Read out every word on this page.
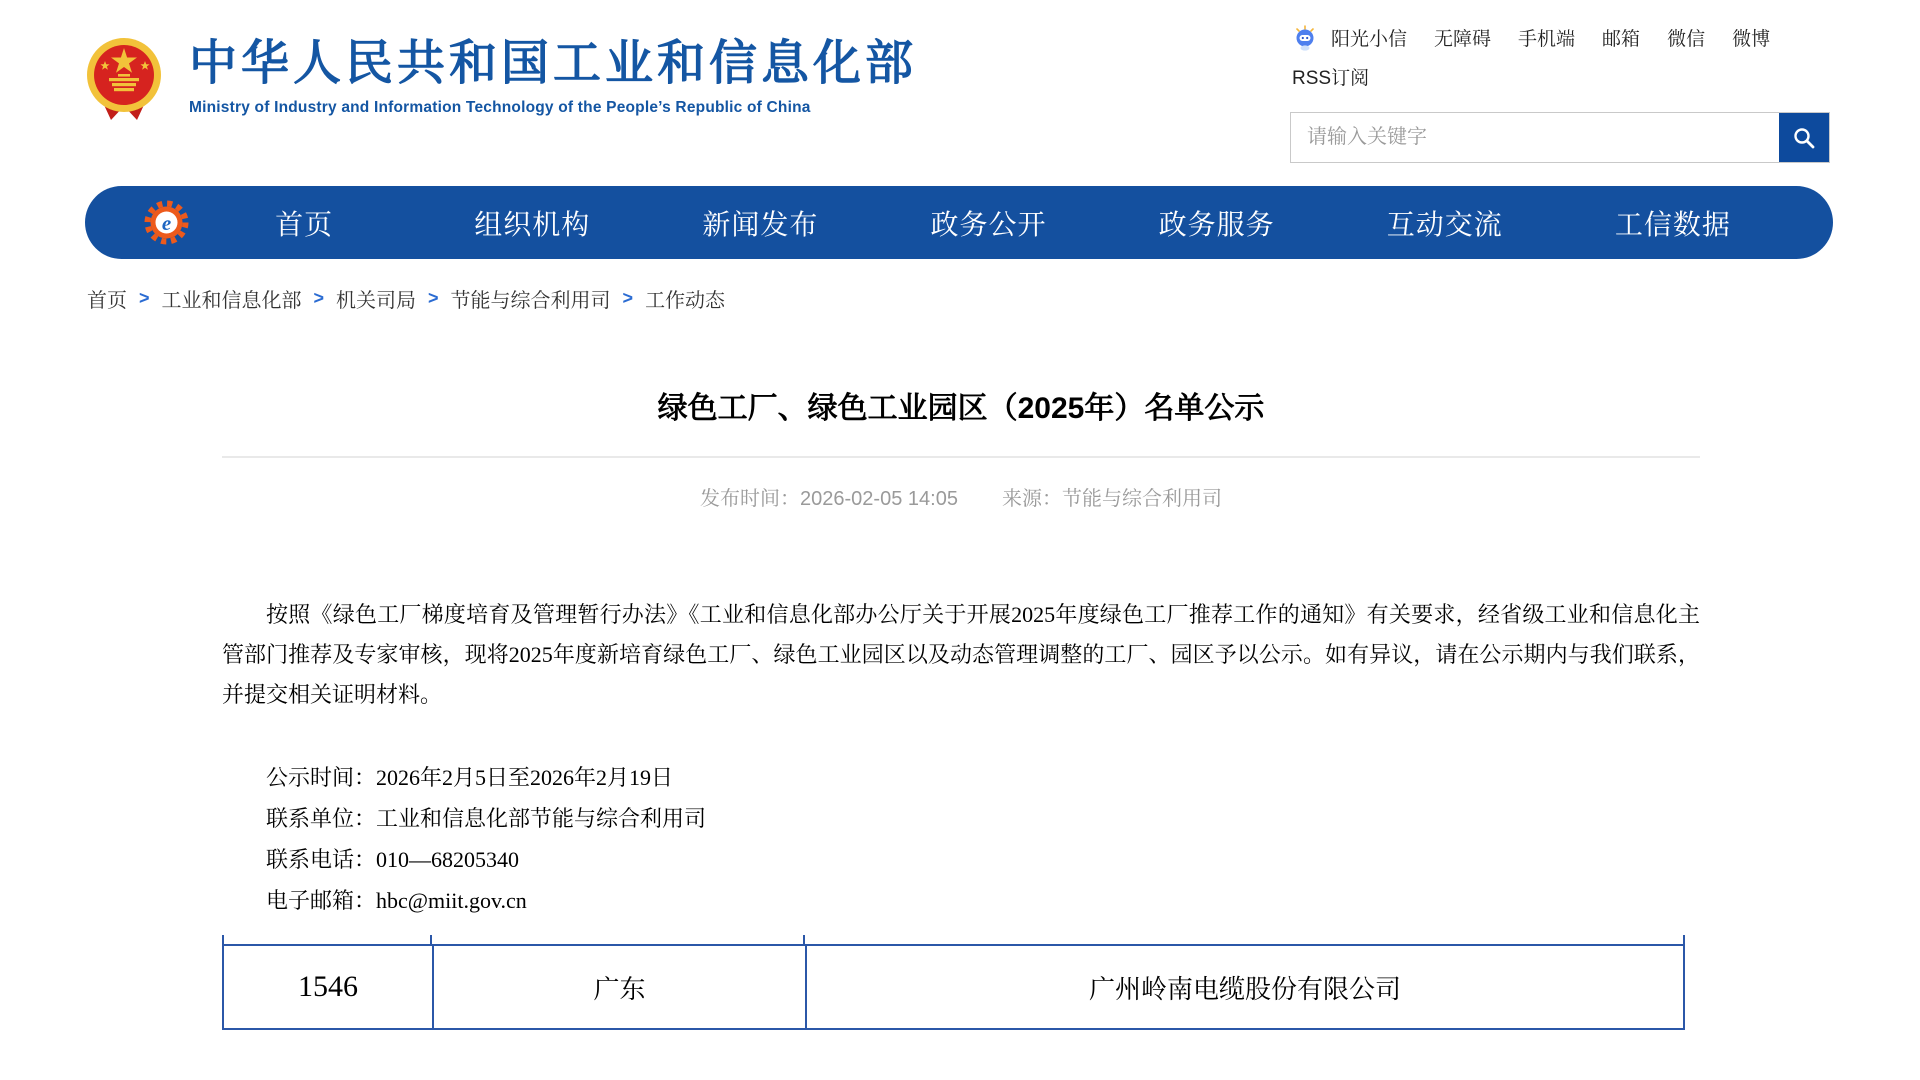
中华人民共和国工业和信息化部
Ministry of Industry and Information Technology of the People’s Republic of China
阳光小信 无障碍 手机端 邮箱 微信 微博
RSS订阅
请输入关键字
e	首页	组织机构	新闻发布	政务公开	政务服务	互动交流	工信数据
首页 > 工业和信息化部 > 机关司局 > 节能与综合利用司 > 工作动态
绿色工厂、绿色工业园区（2025年）名单公示
发布时间：2026-02-05 14:05 来源：节能与综合利用司

按照《绿色工厂梯度培育及管理暂行办法》《工业和信息化部办公厅关于开展2025年度绿色工厂推荐工作的通知》有关要求，经省级工业和信息化主管部门推荐及专家审核，现将2025年度新培育绿色工厂、绿色工业园区以及动态管理调整的工厂、园区予以公示。如有异议，请在公示期内与我们联系，并提交相关证明材料。

公示时间：2026年2月5日至2026年2月19日
联系单位：工业和信息化部节能与综合利用司
联系电话：010—68205340
电子邮箱：hbc@miit.gov.cn
1546	广东	广州岭南电缆股份有限公司
